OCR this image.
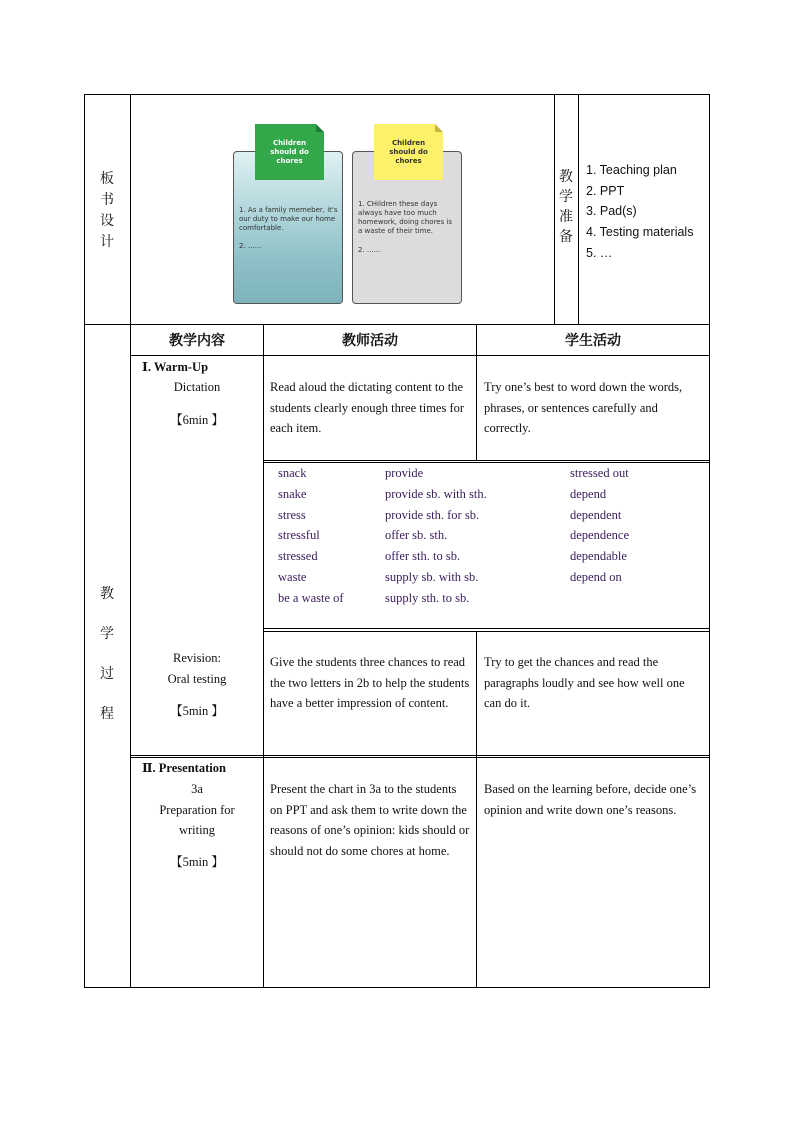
板
书
设
计
1. As a family memeber, it's our duty to make our home comfortable.
2. ......
Children should do chores
1. CHildren these days always have too much homework, doing chores is a waste of their time.
2. ......
Children should do chores
教
学
准
备
1. Teaching plan
2. PPT
3. Pad(s)
4. Testing materials
5. …
教
学
过
程
教学内容	教师活动	学生活动
Ⅰ. Warm-Up
Dictation
【6min 】
Read aloud the dictating content to the students clearly enough three times for each item.
Try one’s best to word down the words, phrases, or sentences carefully and correctly.
snack
snake
stress
stressful
stressed
waste
be a waste of
provide
provide sb. with sth.
provide sth. for sb.
offer sb. sth.
offer sth. to sb.
supply sb. with sb.
supply sth. to sb.
stressed out
depend
dependent
dependence
dependable
depend on
Revision:
Oral testing
【5min 】
Give the students three chances to read the two letters in 2b to help the students have a better impression of content.
Try to get the chances and read the paragraphs loudly and see how well one can do it.
Ⅱ. Presentation
3a
Preparation for
writing
【5min 】
Present the chart in 3a to the students on PPT and ask them to write down the reasons of one’s opinion: kids should or should not do some chores at home.
Based on the learning before, decide one’s opinion and write down one’s reasons.
